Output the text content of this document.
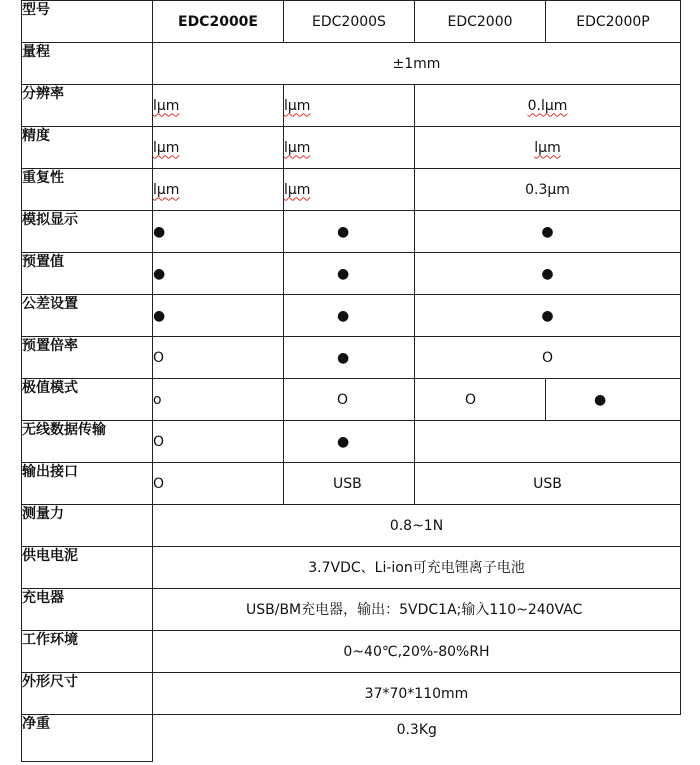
型号	EDC2000E	EDC2000S	EDC2000	EDC2000P
量程	±1mm			
分辨率	lμm	lμm	0.lμm	
精度	lμm	lμm	lμm	
重复性	lμm	lμm	0.3μm	
模拟显示	●	●	●	
预置值	●	●	●	
公差设置	●	●	●	
预置倍率	O	●	O	
极值模式	o	O	O	●
无线数据传输	O	●		
输出接口	O	USB	USB	
测量力	0.8~1N			
供电电泥	3.7VDC、Li-ion可充电锂离子电池			
充电器	USB/BM充电器，输出：5VDC1A;输入110~240VAC			
工作环境	0~40℃,20%-80%RH			
外形尺寸	37*70*110mm			
净重	0.3Kg			
